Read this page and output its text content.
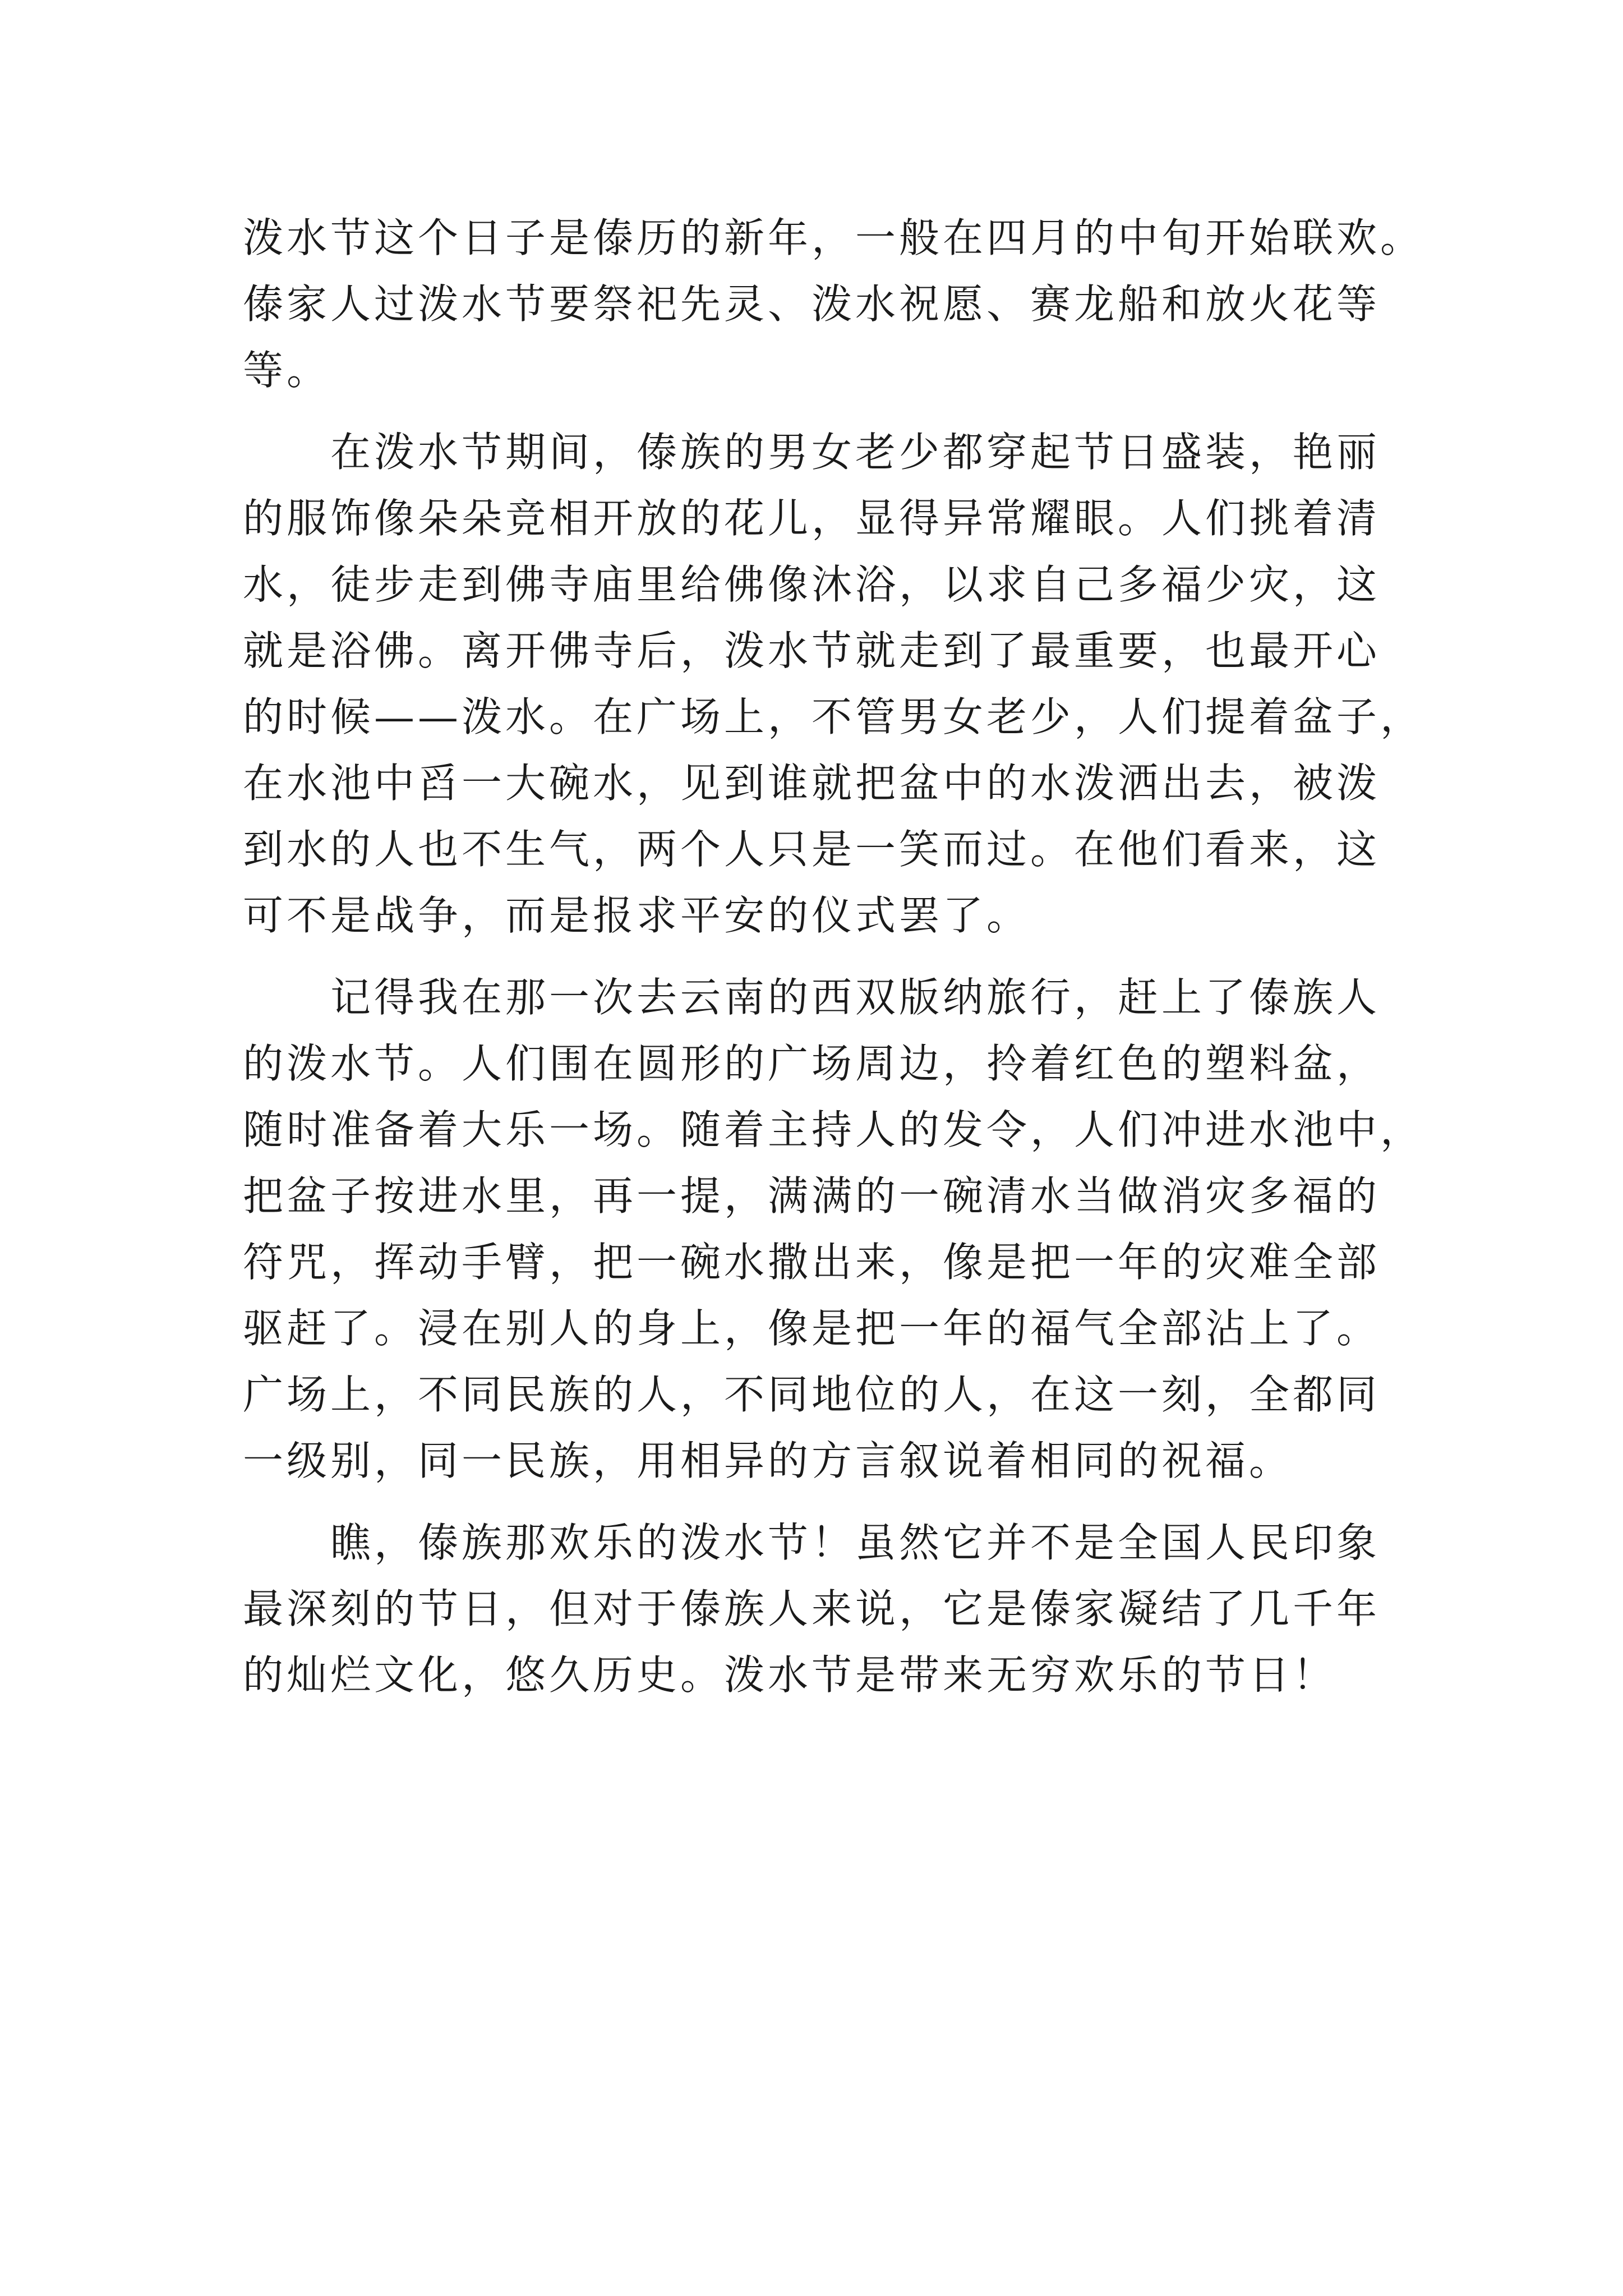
泼水节这个日子是傣历的新年，一般在四月的中旬开始联欢。
傣家人过泼水节要祭祀先灵、泼水祝愿、赛龙船和放火花等
等。
　　在泼水节期间，傣族的男女老少都穿起节日盛装，艳丽
的服饰像朵朵竞相开放的花儿，显得异常耀眼。人们挑着清
水，徒步走到佛寺庙里给佛像沐浴，以求自己多福少灾，这
就是浴佛。离开佛寺后，泼水节就走到了最重要，也最开心
的时候——泼水。在广场上，不管男女老少，人们提着盆子，
在水池中舀一大碗水，见到谁就把盆中的水泼洒出去，被泼
到水的人也不生气，两个人只是一笑而过。在他们看来，这
可不是战争，而是报求平安的仪式罢了。
　　记得我在那一次去云南的西双版纳旅行，赶上了傣族人
的泼水节。人们围在圆形的广场周边，拎着红色的塑料盆，
随时准备着大乐一场。随着主持人的发令，人们冲进水池中，
把盆子按进水里，再一提，满满的一碗清水当做消灾多福的
符咒，挥动手臂，把一碗水撒出来，像是把一年的灾难全部
驱赶了。浸在别人的身上，像是把一年的福气全部沾上了。
广场上，不同民族的人，不同地位的人，在这一刻，全都同
一级别，同一民族，用相异的方言叙说着相同的祝福。
　　瞧，傣族那欢乐的泼水节！虽然它并不是全国人民印象
最深刻的节日，但对于傣族人来说，它是傣家凝结了几千年
的灿烂文化，悠久历史。泼水节是带来无穷欢乐的节日！
